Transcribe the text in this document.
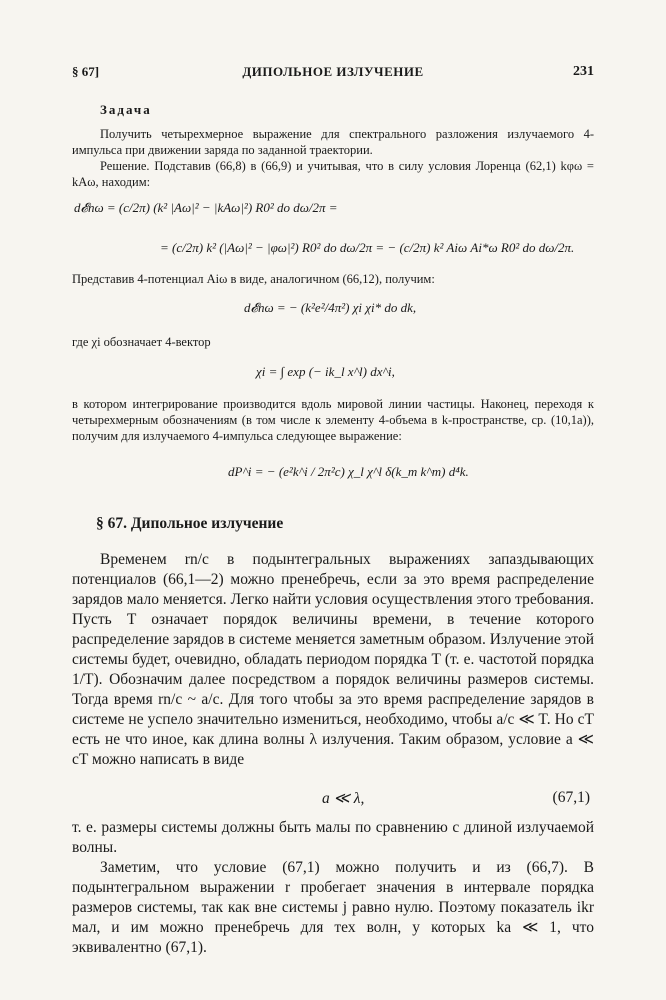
§ 67]	ДИПОЛЬНОЕ ИЗЛУЧЕНИЕ	231
Задача

Получить четырехмерное выражение для спектрального разложения излучаемого 4-импульса при движении заряда по заданной траектории.

Решение. Подставив (66,8) в (66,9) и учитывая, что в силу условия Лоренца (62,1) kφω = kAω, находим:

d𝓔nω = (c/2π) (k² |Aω|² − |kAω|²) R0² do dω/2π =
= (c/2π) k² (|Aω|² − |φω|²) R0² do dω/2π = − (c/2π) k² Aiω Ai*ω R0² do dω/2π.

Представив 4-потенциал Aiω в виде, аналогичном (66,12), получим:

d𝓔nω = − (k²e²/4π²) χi χi* do dk,

где χi обозначает 4-вектор

χi = ∫ exp (− ik_l x^l) dx^i,

в котором интегрирование производится вдоль мировой линии частицы. Наконец, переходя к четырехмерным обозначениям (в том числе к элементу 4-объема в k-пространстве, ср. (10,1а)), получим для излучаемого 4-импульса следующее выражение:

dP^i = − (e²k^i / 2π²c) χ_l χ^l δ(k_m k^m) d⁴k.
§ 67. Дипольное излучение

Временем rn/c в подынтегральных выражениях запаздывающих потенциалов (66,1—2) можно пренебречь, если за это время распределение зарядов мало меняется. Легко найти условия осуществления этого требования. Пусть T означает порядок величины времени, в течение которого распределение зарядов в системе меняется заметным образом. Излучение этой системы будет, очевидно, обладать периодом порядка T (т. е. частотой порядка 1/T). Обозначим далее посредством a порядок величины размеров системы. Тогда время rn/c ~ a/c. Для того чтобы за это время распределение зарядов в системе не успело значительно измениться, необходимо, чтобы a/c ≪ T. Но cT есть не что иное, как длина волны λ излучения. Таким образом, условие a ≪ cT можно написать в виде

a ≪ λ,	(67,1)

т. е. размеры системы должны быть малы по сравнению с длиной излучаемой волны.

Заметим, что условие (67,1) можно получить и из (66,7). В подынтегральном выражении r пробегает значения в интервале порядка размеров системы, так как вне системы j равно нулю. Поэтому показатель ikr мал, и им можно пренебречь для тех волн, у которых ka ≪ 1, что эквивалентно (67,1).
